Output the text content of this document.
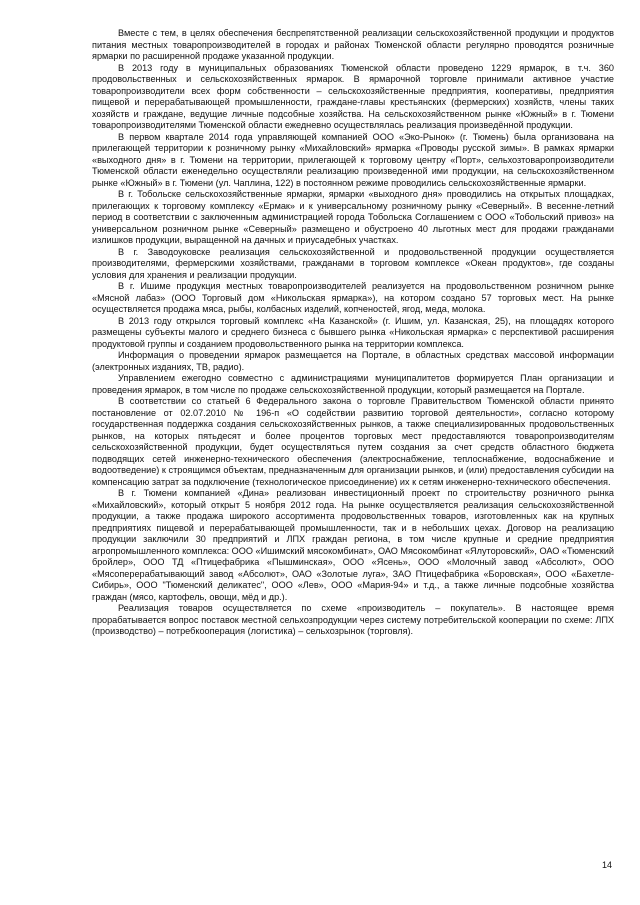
Вместе с тем, в целях обеспечения беспрепятственной реализации сельскохозяйственной продукции и продуктов питания местных товаропроизводителей в городах и районах Тюменской области регулярно проводятся розничные ярмарки по расширенной продаже указанной продукции.

В 2013 году в муниципальных образованиях Тюменской области проведено 1229 ярмарок, в т.ч. 360 продовольственных и сельскохозяйственных ярмарок. В ярмарочной торговле принимали активное участие товаропроизводители всех форм собственности – сельскохозяйственные предприятия, кооперативы, предприятия пищевой и перерабатывающей промышленности, граждане-главы крестьянских (фермерских) хозяйств, члены таких хозяйств и граждане, ведущие личные подсобные хозяйства. На сельскохозяйственном рынке «Южный» в г. Тюмени товаропроизводителями Тюменской области ежедневно осуществлялась реализация произведённой продукции.

В первом квартале 2014 года управляющей компанией ООО «Эко-Рынок» (г. Тюмень) была организована на прилегающей территории к розничному рынку «Михайловский» ярмарка «Проводы русской зимы». В рамках ярмарки «выходного дня» в г. Тюмени на территории, прилегающей к торговому центру «Порт», сельхозтоваропроизводители Тюменской области еженедельно осуществляли реализацию произведенной ими продукции, на сельскохозяйственном рынке «Южный» в г. Тюмени (ул. Чаплина, 122) в постоянном режиме проводились сельскохозяйственные ярмарки.

В г. Тобольске сельскохозяйственные ярмарки, ярмарки «выходного дня» проводились на открытых площадках, прилегающих к торговому комплексу «Ермак» и к универсальному розничному рынку «Северный». В весенне-летний период в соответствии с заключенным администрацией города Тобольска Соглашением с ООО «Тобольский привоз» на универсальном розничном рынке «Северный» размещено и обустроено 40 льготных мест для продажи гражданами излишков продукции, выращенной на дачных и приусадебных участках.

В г. Заводоуковске реализация сельскохозяйственной и продовольственной продукции осуществляется производителями, фермерскими хозяйствами, гражданами в торговом комплексе «Океан продуктов», где созданы условия для хранения и реализации продукции.

В г. Ишиме продукция местных товаропроизводителей реализуется на продовольственном розничном рынке «Мясной лабаз» (ООО Торговый дом «Никольская ярмарка»), на котором создано 57 торговых мест. На рынке осуществляется продажа мяса, рыбы, колбасных изделий, копченостей, ягод, меда, молока.

В 2013 году открылся торговый комплекс «На Казанской» (г. Ишим, ул. Казанская, 25), на площадях которого размещены субъекты малого и среднего бизнеса с бывшего рынка «Никольская ярмарка» с перспективой расширения продуктовой группы и созданием продовольственного рынка на территории комплекса.

Информация о проведении ярмарок размещается на Портале, в областных средствах массовой информации (электронных изданиях, ТВ, радио).

Управлением ежегодно совместно с администрациями муниципалитетов формируется План организации и проведения ярмарок, в том числе по продаже сельскохозяйственной продукции, который размещается на Портале.

В соответствии со статьей 6 Федерального закона о торговле Правительством Тюменской области принято постановление от 02.07.2010 № 196-п «О содействии развитию торговой деятельности», согласно которому государственная поддержка создания сельскохозяйственных рынков, а также специализированных продовольственных рынков, на которых пятьдесят и более процентов торговых мест предоставляются товаропроизводителям сельскохозяйственной продукции, будет осуществляться путем создания за счет средств областного бюджета подводящих сетей инженерно-технического обеспечения (электроснабжение, теплоснабжение, водоснабжение и водоотведение) к строящимся объектам, предназначенным для организации рынков, и (или) предоставления субсидии на компенсацию затрат за подключение (технологическое присоединение) их к сетям инженерно-технического обеспечения.

В г. Тюмени компанией «Дина» реализован инвестиционный проект по строительству розничного рынка «Михайловский», который открыт 5 ноября 2012 года. На рынке осуществляется реализация сельскохозяйственной продукции, а также продажа широкого ассортимента продовольственных товаров, изготовленных как на крупных предприятиях пищевой и перерабатывающей промышленности, так и в небольших цехах. Договор на реализацию продукции заключили 30 предприятий и ЛПХ граждан региона, в том числе крупные и средние предприятия агропромышленного комплекса: ООО «Ишимский мясокомбинат», ОАО Мясокомбинат «Ялуторовский», ОАО «Тюменский бройлер», ООО ТД «Птицефабрика «Пышминская», ООО «Ясень», ООО «Молочный завод «Абсолют», ООО «Мясоперерабатывающий завод «Абсолют», ОАО «Золотые луга», ЗАО Птицефабрика «Боровская», ООО «Бахетле-Сибирь», ООО "Тюменский деликатес", ООО «Лев», ООО «Мария-94» и т.д., а также личные подсобные хозяйства граждан (мясо, картофель, овощи, мёд и др.).

Реализация товаров осуществляется по схеме «производитель – покупатель». В настоящее время прорабатывается вопрос поставок местной сельхозпродукции через систему потребительской кооперации по схеме: ЛПХ (производство) – потребкооперация (логистика) – сельхозрынок (торговля).

14
